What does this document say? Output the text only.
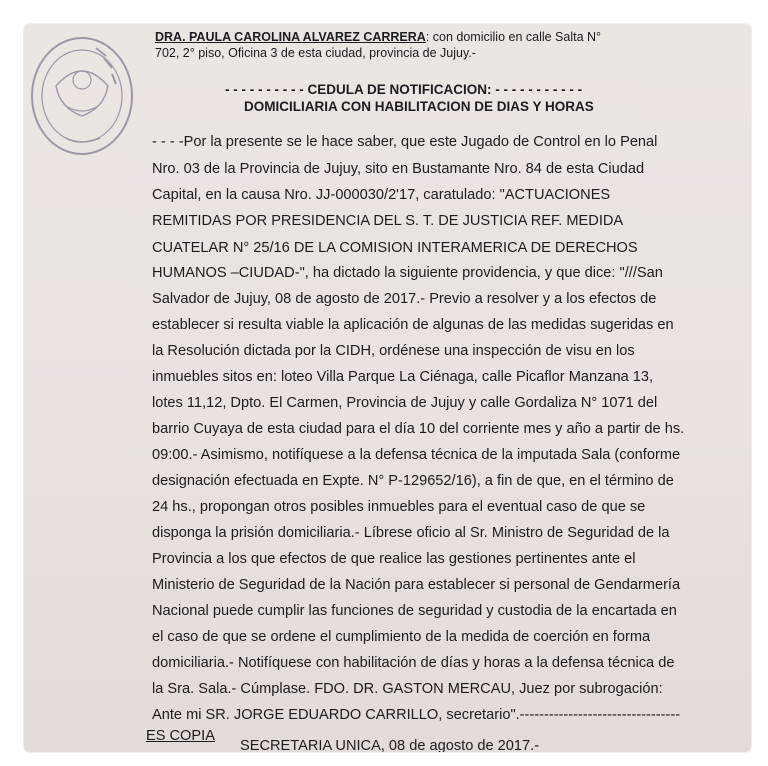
DRA. PAULA CAROLINA ALVAREZ CARRERA: con domicilio en calle Salta N°
702, 2° piso, Oficina 3 de esta ciudad, provincia de Jujuy.-
- - - - - - - - - - CEDULA DE NOTIFICACION: - - - - - - - - - - -
DOMICILIARIA CON HABILITACION DE DIAS Y HORAS
- - - -Por la presente se le hace saber, que este Jugado de Control en lo Penal
Nro. 03 de la Provincia de Jujuy, sito en Bustamante Nro. 84 de esta Ciudad
Capital, en la causa Nro. JJ-000030/2'17, caratulado: "ACTUACIONES
REMITIDAS POR PRESIDENCIA DEL S. T. DE JUSTICIA REF. MEDIDA
CUATELAR N° 25/16 DE LA COMISION INTERAMERICA DE DERECHOS
HUMANOS –CIUDAD-", ha dictado la siguiente providencia, y que dice: "///San
Salvador de Jujuy, 08 de agosto de 2017.- Previo a resolver y a los efectos de
establecer si resulta viable la aplicación de algunas de las medidas sugeridas en
la Resolución dictada por la CIDH, ordénese una inspección de visu en los
inmuebles sitos en: loteo Villa Parque La Ciénaga, calle Picaflor Manzana 13,
lotes 11,12, Dpto. El Carmen, Provincia de Jujuy y calle Gordaliza N° 1071 del
barrio Cuyaya de esta ciudad para el día 10 del corriente mes y año a partir de hs.
09:00.- Asimismo, notifíquese a la defensa técnica de la imputada Sala (conforme
designación efectuada en Expte. N° P-129652/16), a fin de que, en el término de
24 hs., propongan otros posibles inmuebles para el eventual caso de que se
disponga la prisión domiciliaria.- Líbrese oficio al Sr. Ministro de Seguridad de la
Provincia a los que efectos de que realice las gestiones pertinentes ante el
Ministerio de Seguridad de la Nación para establecer si personal de Gendarmería
Nacional puede cumplir las funciones de seguridad y custodia de la encartada en
el caso de que se ordene el cumplimiento de la medida de coerción en forma
domiciliaria.- Notifíquese con habilitación de días y horas a la defensa técnica de
la Sra. Sala.- Cúmplase. FDO. DR. GASTON MERCAU, Juez por subrogación:
Ante mi SR. JORGE EDUARDO CARRILLO, secretario".---------------------------------
ES COPIA
SECRETARIA UNICA, 08 de agosto de 2017.-
